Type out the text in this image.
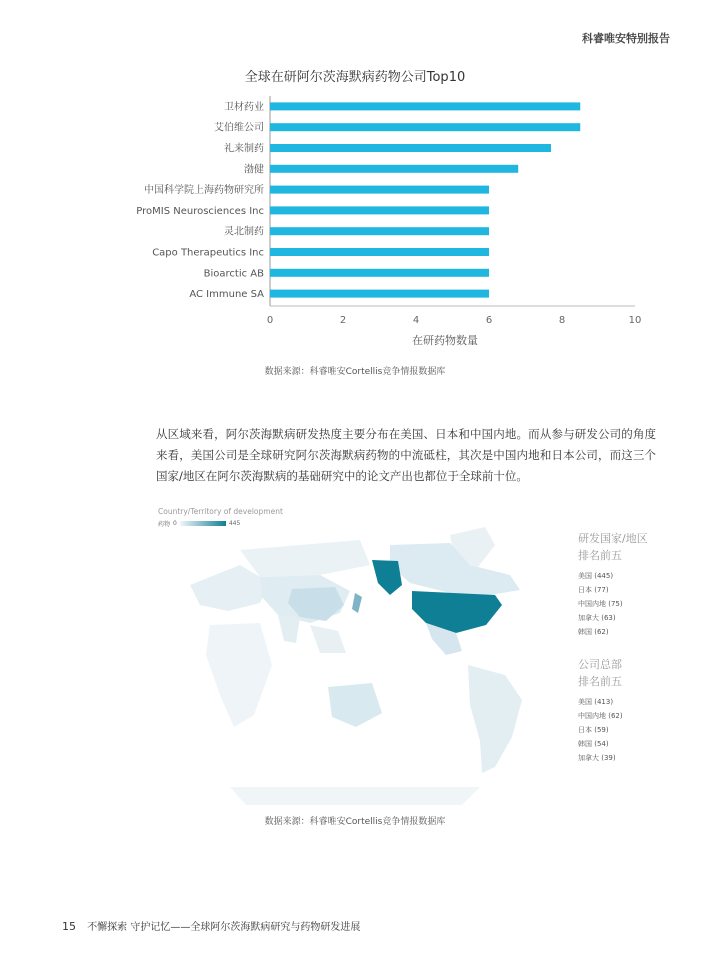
科睿唯安特别报告
全球在研阿尔茨海默病药物公司Top10
卫材药业
艾伯维公司
礼来制药
渤健
中国科学院上海药物研究所
ProMIS Neurosciences Inc
灵北制药
Capo Therapeutics Inc
Bioarctic AB
AC Immune SA
0	2	4	6	8	10
在研药物数量
数据来源：科睿唯安Cortellis竞争情报数据库
从区域来看，阿尔茨海默病研发热度主要分布在美国、日本和中国内地。而从参与研发公司的角度来看，美国公司是全球研究阿尔茨海默病药物的中流砥柱，其次是中国内地和日本公司，而这三个国家/地区在阿尔茨海默病的基础研究中的论文产出也都位于全球前十位。
Country/Territory of development
药物 0	445
研发国家/地区
排名前五
美国 (445)
日本 (77)
中国内地 (75)
加拿大 (63)
韩国 (62)
公司总部
排名前五
美国 (413)
中国内地 (62)
日本 (59)
韩国 (54)
加拿大 (39)
数据来源：科睿唯安Cortellis竞争情报数据库
15 不懈探索 守护记忆——全球阿尔茨海默病研究与药物研发进展
